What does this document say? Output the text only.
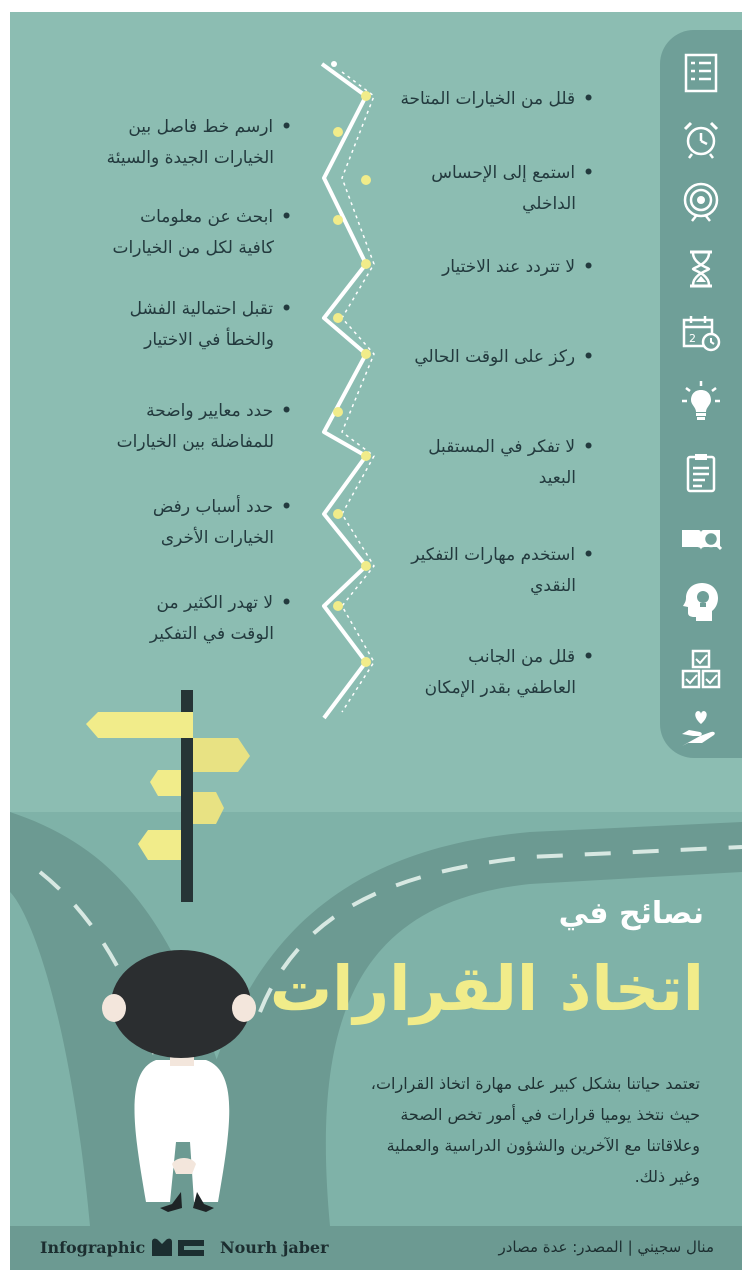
• قلل من الخيارات المتاحة
• استمع إلى الإحساس
الداخلي
• لا تتردد عند الاختيار
• ركز على الوقت الحالي
• لا تفكر في المستقبل
البعيد
• استخدم مهارات التفكير
النقدي
• قلل من الجانب
العاطفي بقدر الإمكان
• ارسم خط فاصل بين
الخيارات الجيدة والسيئة
• ابحث عن معلومات
كافية لكل من الخيارات
• تقبل احتمالية الفشل
والخطأ في الاختيار
• حدد معايير واضحة
للمفاضلة بين الخيارات
• حدد أسباب رفض
الخيارات الأخرى
• لا تهدر الكثير من
الوقت في التفكير
2
نصائح في
اتخاذ القرارات
تعتمد حياتنا بشكل كبير على مهارة اتخاذ القرارات، حيث نتخذ يوميا قرارات في أمور تخص الصحة وعلاقاتنا مع الآخرين والشؤون الدراسية والعملية وغير ذلك.
Infographic	Nourh jaber	منال سجيني | المصدر: عدة مصادر
